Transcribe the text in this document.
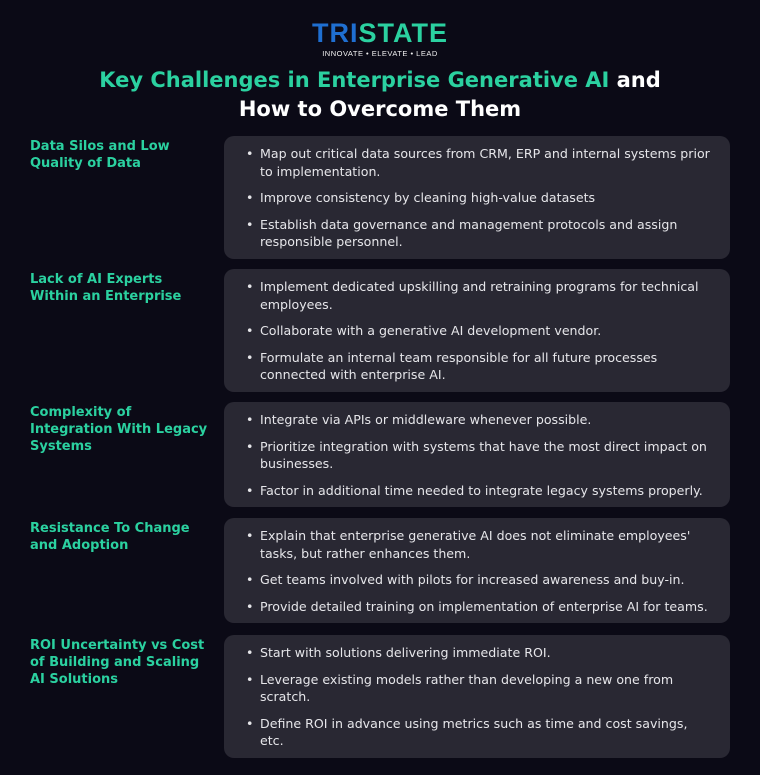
TRISTATE
INNOVATE • ELEVATE • LEAD
Key Challenges in Enterprise Generative AI and How to Overcome Them
Data Silos and Low Quality of Data
• Map out critical data sources from CRM, ERP and internal systems prior to implementation.
• Improve consistency by cleaning high-value datasets
• Establish data governance and management protocols and assign responsible personnel.
Lack of AI Experts Within an Enterprise
• Implement dedicated upskilling and retraining programs for technical employees.
• Collaborate with a generative AI development vendor.
• Formulate an internal team responsible for all future processes connected with enterprise AI.
Complexity of Integration With Legacy Systems
• Integrate via APIs or middleware whenever possible.
• Prioritize integration with systems that have the most direct impact on businesses.
• Factor in additional time needed to integrate legacy systems properly.
Resistance To Change and Adoption
• Explain that enterprise generative AI does not eliminate employees' tasks, but rather enhances them.
• Get teams involved with pilots for increased awareness and buy-in.
• Provide detailed training on implementation of enterprise AI for teams.
ROI Uncertainty vs Cost of Building and Scaling AI Solutions
• Start with solutions delivering immediate ROI.
• Leverage existing models rather than developing a new one from scratch.
• Define ROI in advance using metrics such as time and cost savings, etc.
